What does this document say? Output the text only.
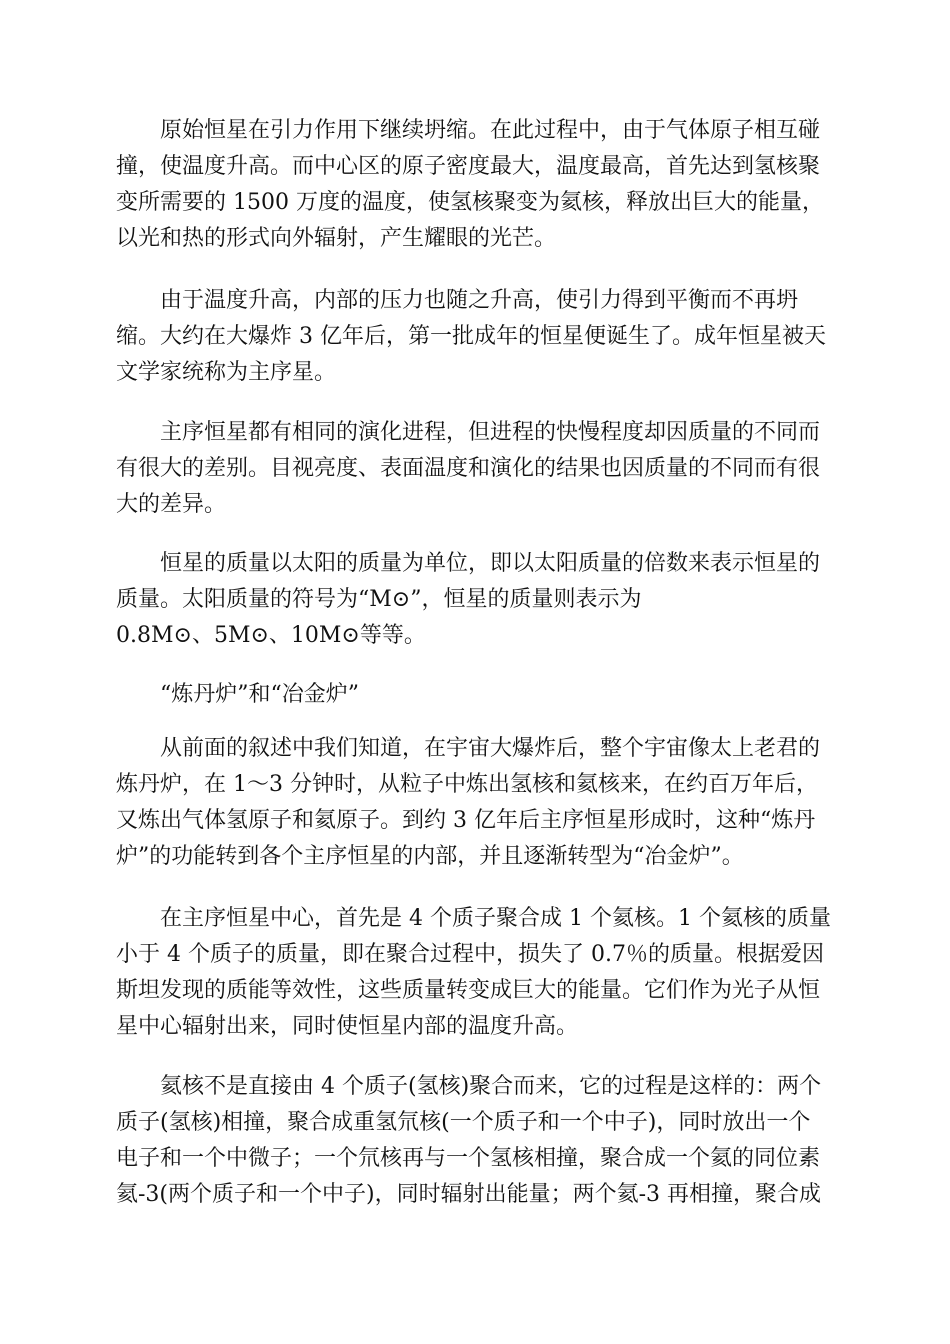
原始恒星在引力作用下继续坍缩。在此过程中，由于气体原子相互碰
撞，使温度升高。而中心区的原子密度最大，温度最高，首先达到氢核聚
变所需要的 1500 万度的温度，使氢核聚变为氦核，释放出巨大的能量，
以光和热的形式向外辐射，产生耀眼的光芒。
由于温度升高，内部的压力也随之升高，使引力得到平衡而不再坍
缩。大约在大爆炸 3 亿年后，第一批成年的恒星便诞生了。成年恒星被天
文学家统称为主序星。
主序恒星都有相同的演化进程，但进程的快慢程度却因质量的不同而
有很大的差别。目视亮度、表面温度和演化的结果也因质量的不同而有很
大的差异。
恒星的质量以太阳的质量为单位，即以太阳质量的倍数来表示恒星的
质量。太阳质量的符号为“M⊙”，恒星的质量则表示为
0.8M⊙、5M⊙、10M⊙等等。
“炼丹炉”和“冶金炉”
从前面的叙述中我们知道，在宇宙大爆炸后，整个宇宙像太上老君的
炼丹炉，在 1～3 分钟时，从粒子中炼出氢核和氦核来，在约百万年后，
又炼出气体氢原子和氦原子。到约 3 亿年后主序恒星形成时，这种“炼丹
炉”的功能转到各个主序恒星的内部，并且逐渐转型为“冶金炉”。
在主序恒星中心，首先是 4 个质子聚合成 1 个氦核。1 个氦核的质量
小于 4 个质子的质量，即在聚合过程中，损失了 0.7％的质量。根据爱因
斯坦发现的质能等效性，这些质量转变成巨大的能量。它们作为光子从恒
星中心辐射出来，同时使恒星内部的温度升高。
氦核不是直接由 4 个质子(氢核)聚合而来，它的过程是这样的：两个
质子(氢核)相撞，聚合成重氢氘核(一个质子和一个中子)，同时放出一个
电子和一个中微子；一个氘核再与一个氢核相撞，聚合成一个氦的同位素
氦-3(两个质子和一个中子)，同时辐射出能量；两个氦-3 再相撞，聚合成
